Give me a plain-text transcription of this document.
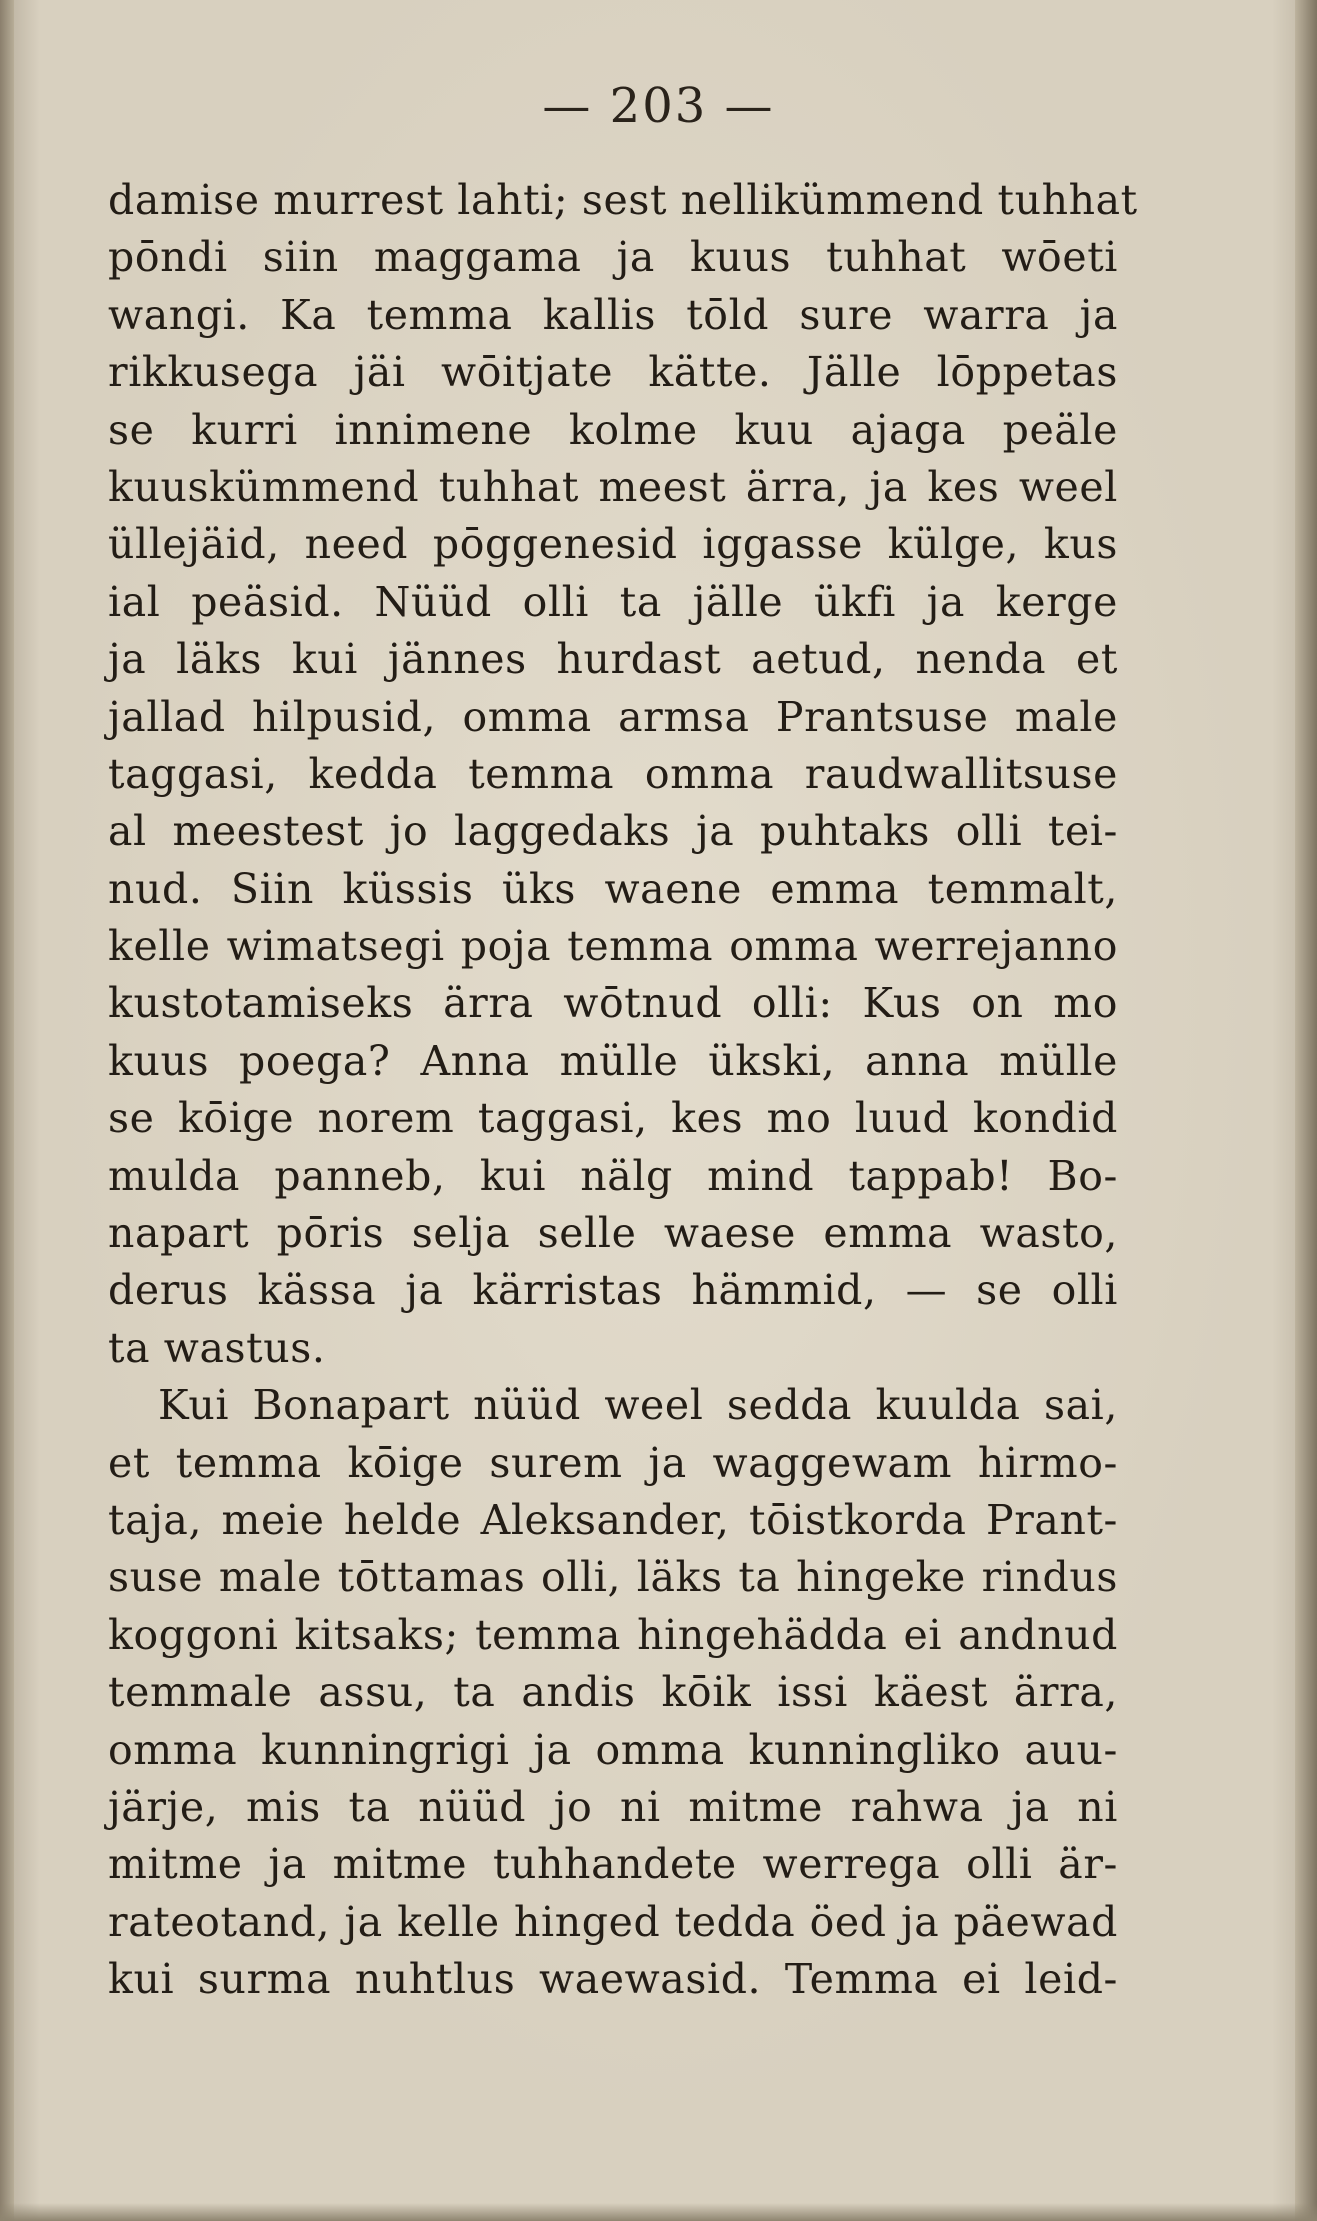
— 203 —
damise murrest lahti; sest nellikümmend tuhhat
pōndi siin maggama ja kuus tuhhat wōeti
wangi. Ka temma kallis tōld sure warra ja
rikkusega jäi wōitjate kätte. Jälle lōppetas
se kurri innimene kolme kuu ajaga peäle
kuuskümmend tuhhat meest ärra, ja kes weel
üllejäid, need pōggenesid iggasse külge, kus
ial peäsid. Nüüd olli ta jälle ükfi ja kerge
ja läks kui jännes hurdast aetud, nenda et
jallad hilpusid, omma armsa Prantsuse male
taggasi, kedda temma omma raudwallitsuse
al meestest jo laggedaks ja puhtaks olli tei-
nud. Siin küssis üks waene emma temmalt,
kelle wimatsegi poja temma omma werrejanno
kustotamiseks ärra wōtnud olli: Kus on mo
kuus poega? Anna mülle ükski, anna mülle
se kōige norem taggasi, kes mo luud kondid
mulda panneb, kui nälg mind tappab! Bo-
napart pōris selja selle waese emma wasto,
derus kässa ja kärristas hämmid, — se olli
ta wastus.
Kui Bonapart nüüd weel sedda kuulda sai,
et temma kōige surem ja waggewam hirmo-
taja, meie helde Aleksander, tōistkorda Prant-
suse male tōttamas olli, läks ta hingeke rindus
koggoni kitsaks; temma hingehädda ei andnud
temmale assu, ta andis kōik issi käest ärra,
omma kunningrigi ja omma kunningliko auu-
järje, mis ta nüüd jo ni mitme rahwa ja ni
mitme ja mitme tuhhandete werrega olli är-
rateotand, ja kelle hinged tedda öed ja päewad
kui surma nuhtlus waewasid. Temma ei leid-
